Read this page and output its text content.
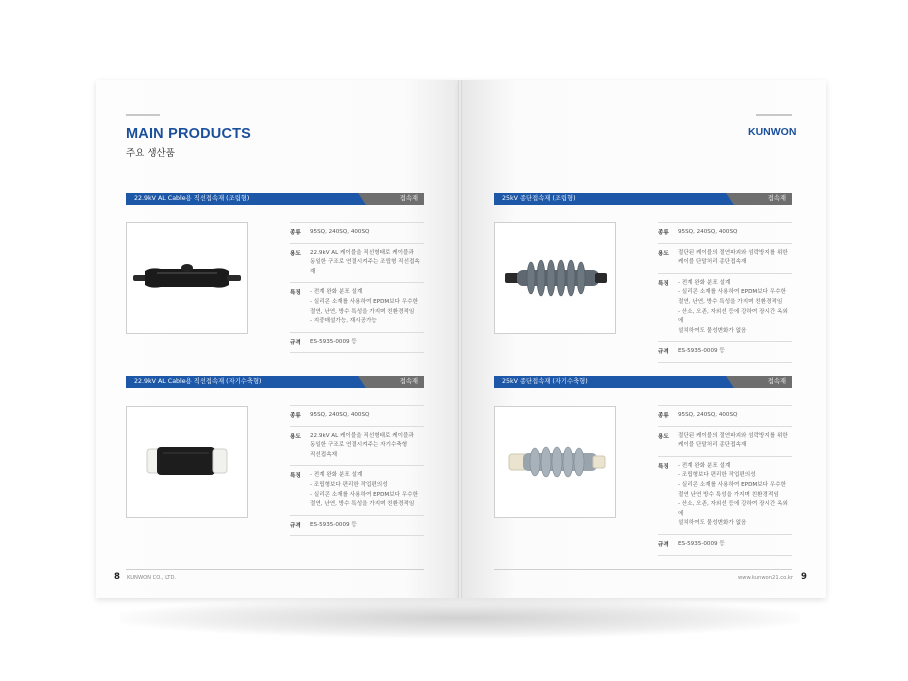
MAIN PRODUCTS
주요 생산품
KUNWON
22.9kV AL Cable용 직선접속재 (조립형)	접속재
종류	95SQ, 240SQ, 400SQ
용도	22.9kV AL 케이블을 직선형태로 케이블과
동일한 구조로 연결시켜주는 조립형 직선접속재
특징	- 전계 완화 분포 설계
- 실리콘 소재를 사용하여 EPDM보다 우수한
절연, 난연, 방수 특성을 가지며 친환경적임
- 지중매설가능, 재시공가능
규격	ES-5935-0009 등
22.9kV AL Cable용 직선접속재 (자기수축형)	접속재
종류	95SQ, 240SQ, 400SQ
용도	22.9kV AL 케이블을 직선형태로 케이블과
동일한 구조로 연결시켜주는 자기수축형
직선접속재
특징	- 전계 완화 분포 설계
- 조립형보다 편리한 작업편의성
- 실리콘 소재를 사용하여 EPDM보다 우수한
절연, 난연, 방수 특성을 가지며 친환경적임
규격	ES-5935-0009 등
25kV 종단접속재 (조립형)	접속재
종류	95SQ, 240SQ, 400SQ
용도	절단된 케이블의 절연파괴와 섬락방지를 위한
케이블 단말처리 종단접속재
특징	- 전계 완화 분포 설계
- 실리콘 소재를 사용하여 EPDM보다 우수한
절연, 난연, 방수 특성을 가지며 친환경적임
- 산소, 오존, 자외선 등에 강하여 장시간 옥외에
설치하여도 물성변화가 없음
규격	ES-5935-0009 등
25kV 종단접속재 (자기수축형)	접속재
종류	95SQ, 240SQ, 400SQ
용도	절단된 케이블의 절연파괴와 섬락방지를 위한
케이블 단말처리 종단접속재
특징	- 전계 완화 분포 설계
- 조립형보다 편리한 작업편의성
- 실리콘 소재를 사용하여 EPDM보다 우수한
절연 난연 방수 특성을 가지며 친환경적임
- 산소, 오존, 자외선 등에 강하여 장시간 옥외에
설치하여도 물성변화가 없음
규격	ES-5935-0009 등
8 KUNWON CO., LTD.	www.kunwon21.co.kr 9
